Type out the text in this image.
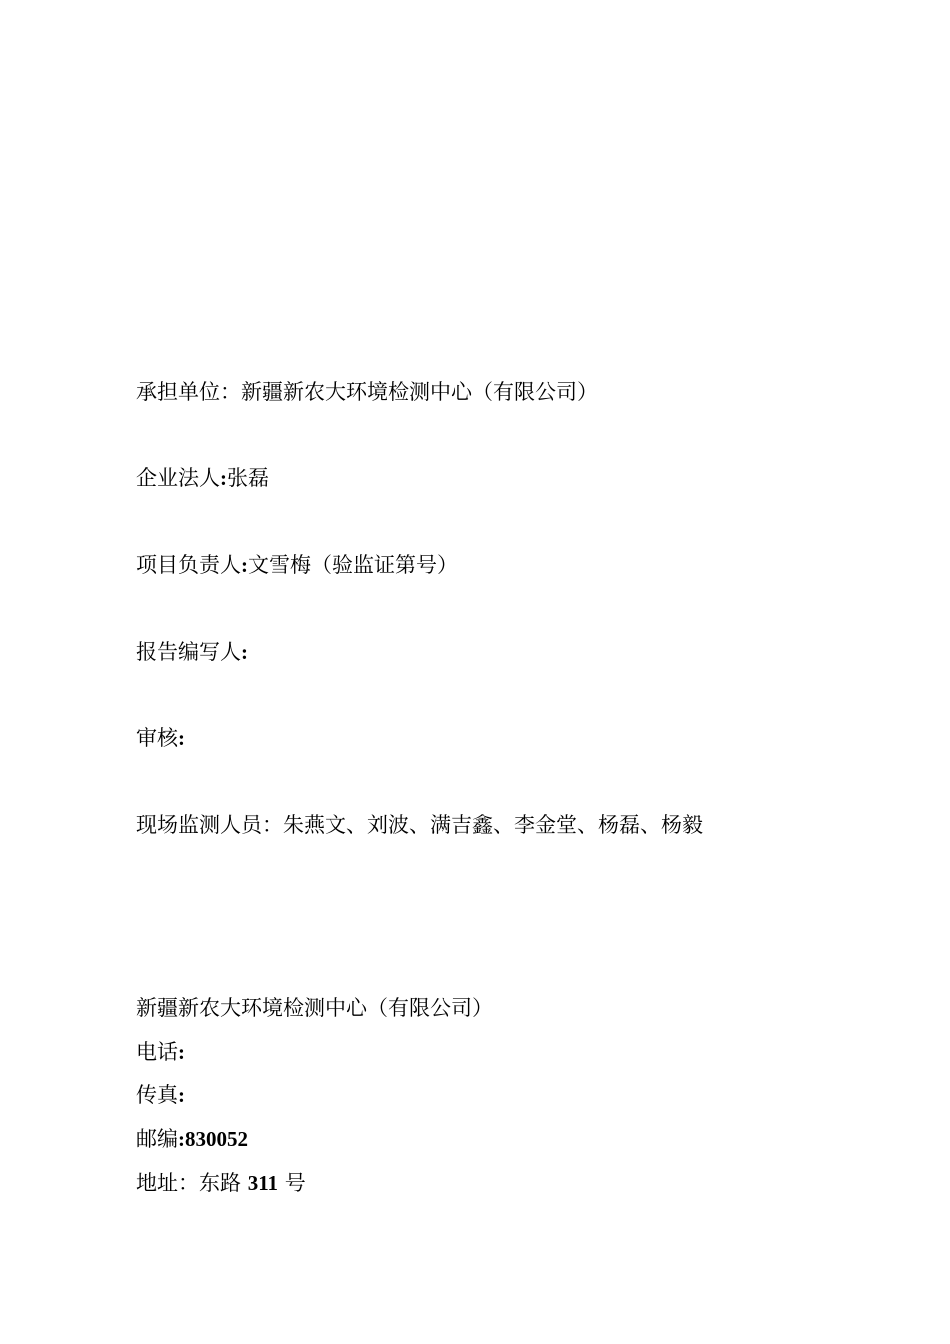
承担单位：新疆新农大环境检测中心（有限公司）
企业法人:张磊
项目负责人:文雪梅（验监证第号）
报告编写人:
审核:
现场监测人员：朱燕文、刘波、满吉鑫、李金堂、杨磊、杨毅
新疆新农大环境检测中心（有限公司）
电话:
传真:
邮编:830052
地址：东路 311 号
